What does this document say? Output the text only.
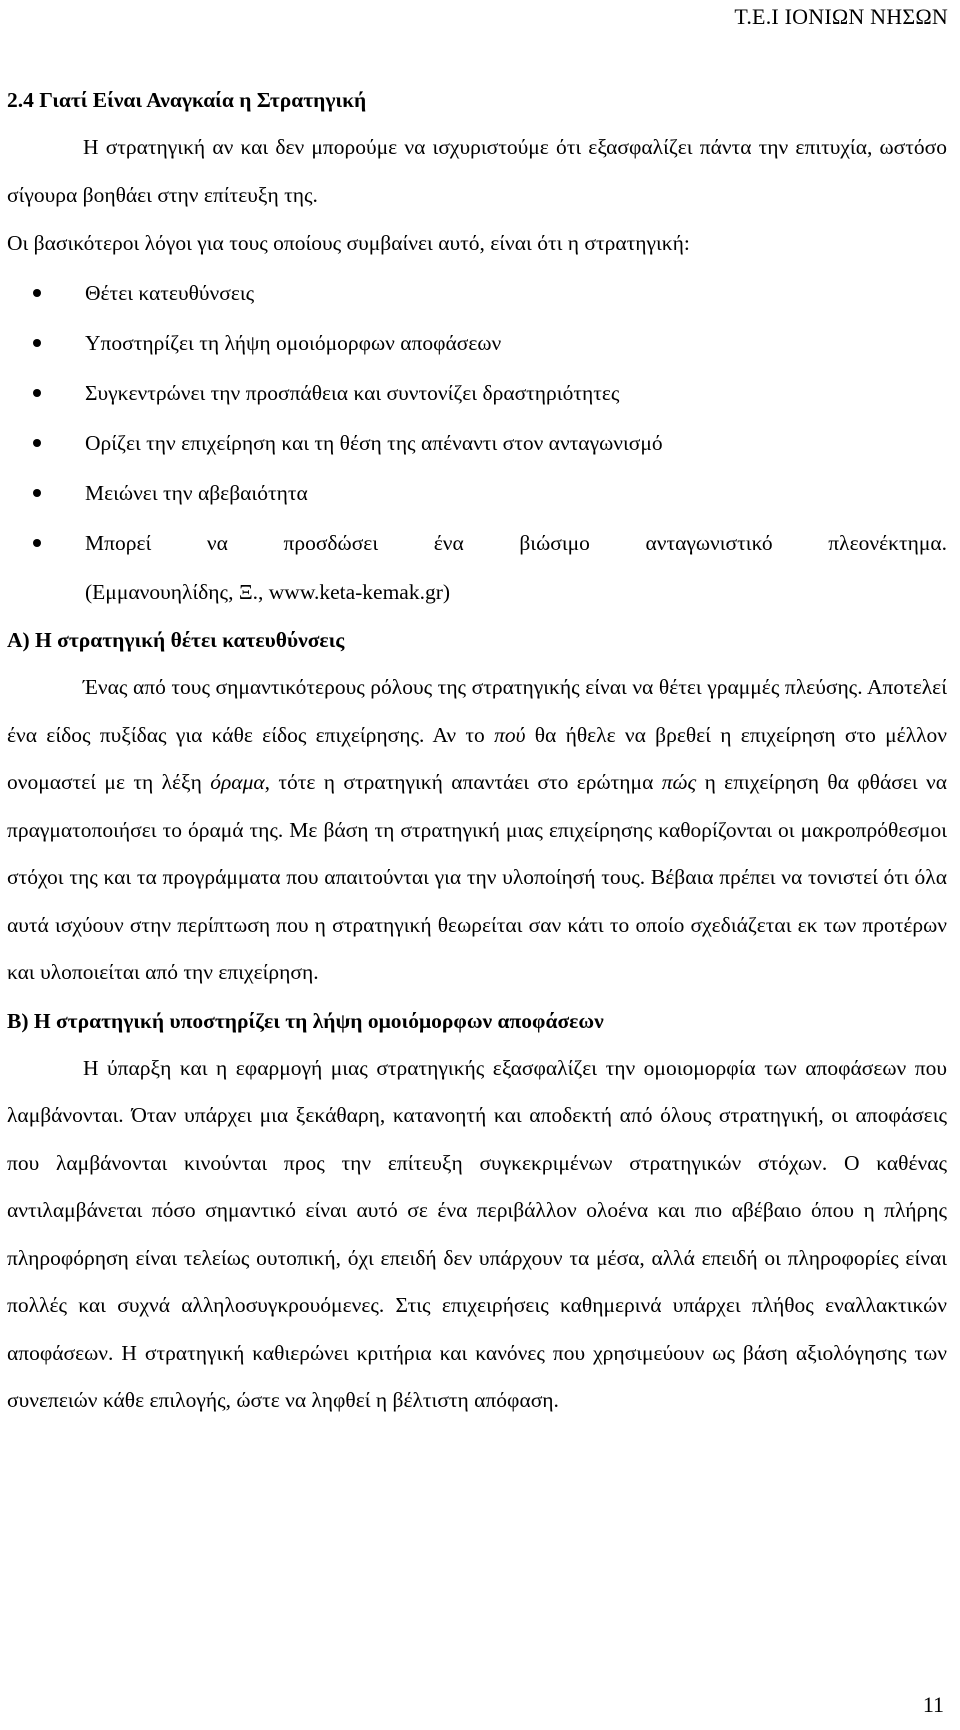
Τ.Ε.Ι ΙΟΝΙΩΝ ΝΗΣΩΝ

2.4 Γιατί Είναι Αναγκαία η Στρατηγική

Η στρατηγική αν και δεν μπορούμε να ισχυριστούμε ότι εξασφαλίζει πάντα την επιτυχία, ωστόσο σίγουρα βοηθάει στην επίτευξη της.

Οι βασικότεροι λόγοι για τους οποίους συμβαίνει αυτό, είναι ότι η στρατηγική:

Θέτει κατευθύνσεις
Υποστηρίζει τη λήψη ομοιόμορφων αποφάσεων
Συγκεντρώνει την προσπάθεια και συντονίζει δραστηριότητες
Ορίζει την επιχείρηση και τη θέση της απέναντι στον ανταγωνισμό
Μειώνει την αβεβαιότητα
Μπορεί να προσδώσει ένα βιώσιμο ανταγωνιστικό πλεονέκτημα.

(Εμμανουηλίδης, Ξ., www.keta-kemak.gr)

Α) Η στρατηγική θέτει κατευθύνσεις

Ένας από τους σημαντικότερους ρόλους της στρατηγικής είναι να θέτει γραμμές πλεύσης. Αποτελεί ένα είδος πυξίδας για κάθε είδος επιχείρησης. Αν το πού θα ήθελε να βρεθεί η επιχείρηση στο μέλλον ονομαστεί με τη λέξη όραμα, τότε η στρατηγική απαντάει στο ερώτημα πώς η επιχείρηση θα φθάσει να πραγματοποιήσει το όραμά της. Με βάση τη στρατηγική μιας επιχείρησης καθορίζονται οι μακροπρόθεσμοι στόχοι της και τα προγράμματα που απαιτούνται για την υλοποίησή τους. Βέβαια πρέπει να τονιστεί ότι όλα αυτά ισχύουν στην περίπτωση που η στρατηγική θεωρείται σαν κάτι το οποίο σχεδιάζεται εκ των προτέρων και υλοποιείται από την επιχείρηση.

Β) Η στρατηγική υποστηρίζει τη λήψη ομοιόμορφων αποφάσεων

Η ύπαρξη και η εφαρμογή μιας στρατηγικής εξασφαλίζει την ομοιομορφία των αποφάσεων που λαμβάνονται. Όταν υπάρχει μια ξεκάθαρη, κατανοητή και αποδεκτή από όλους στρατηγική, οι αποφάσεις που λαμβάνονται κινούνται προς την επίτευξη συγκεκριμένων στρατηγικών στόχων. Ο καθένας αντιλαμβάνεται πόσο σημαντικό είναι αυτό σε ένα περιβάλλον ολοένα και πιο αβέβαιο όπου η πλήρης πληροφόρηση είναι τελείως ουτοπική, όχι επειδή δεν υπάρχουν τα μέσα, αλλά επειδή οι πληροφορίες είναι πολλές και συχνά αλληλοσυγκρουόμενες. Στις επιχειρήσεις καθημερινά υπάρχει πλήθος εναλλακτικών αποφάσεων. Η στρατηγική καθιερώνει κριτήρια και κανόνες που χρησιμεύουν ως βάση αξιολόγησης των συνεπειών κάθε επιλογής, ώστε να ληφθεί η βέλτιστη απόφαση.

11
